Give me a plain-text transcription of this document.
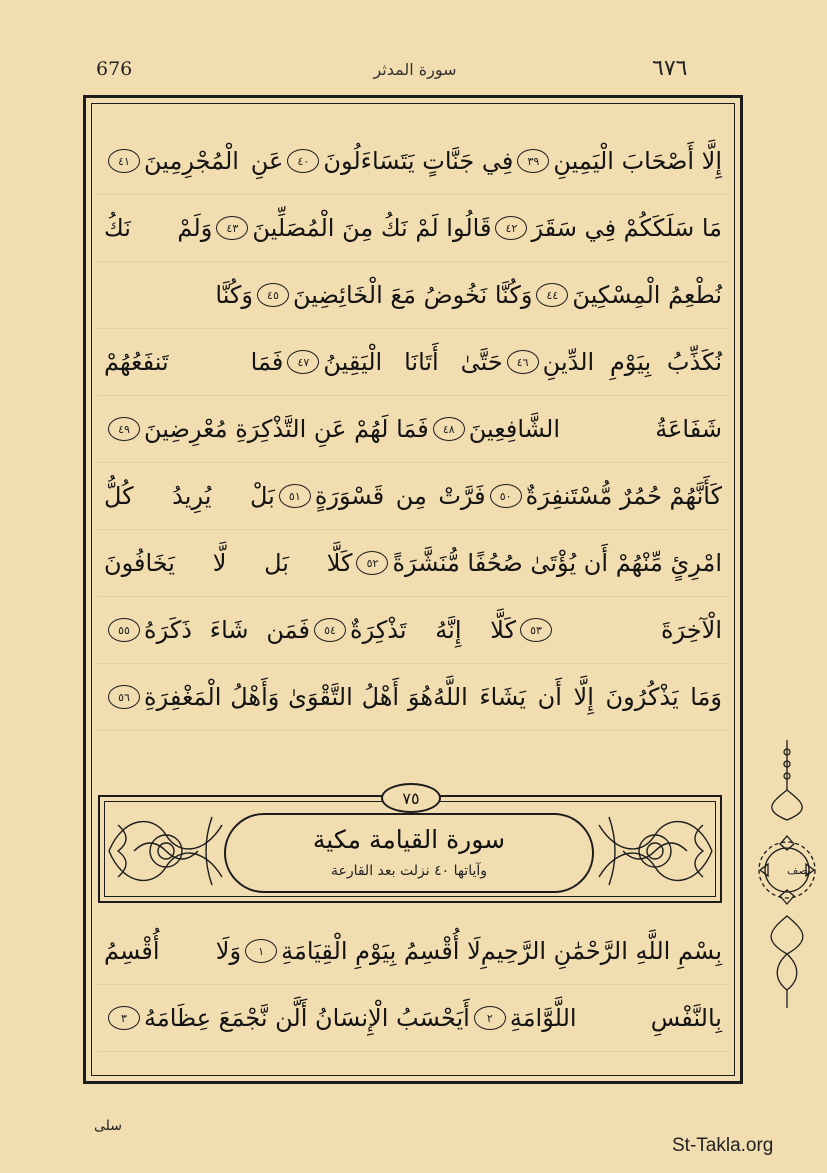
676	سورة المدثر	٦٧٦
إِلَّا أَصْحَابَ الْيَمِينِ
٣٩
فِي جَنَّاتٍ يَتَسَاءَلُونَ
٤٠
عَنِ الْمُجْرِمِينَ
٤١
مَا سَلَكَكُمْ فِي سَقَرَ
٤٢
قَالُوا لَمْ نَكُ مِنَ الْمُصَلِّينَ
٤٣
وَلَمْ نَكُ
نُطْعِمُ الْمِسْكِينَ
٤٤
وَكُنَّا نَخُوضُ مَعَ الْخَائِضِينَ
٤٥
وَكُنَّا
نُكَذِّبُ بِيَوْمِ الدِّينِ
٤٦
حَتَّىٰ أَتَانَا الْيَقِينُ
٤٧
فَمَا تَنفَعُهُمْ
شَفَاعَةُ الشَّافِعِينَ
٤٨
فَمَا لَهُمْ عَنِ التَّذْكِرَةِ مُعْرِضِينَ
٤٩
كَأَنَّهُمْ حُمُرٌ مُّسْتَنفِرَةٌ
٥٠
فَرَّتْ مِن قَسْوَرَةٍ
٥١
بَلْ يُرِيدُ كُلُّ
امْرِئٍ مِّنْهُمْ أَن يُؤْتَىٰ صُحُفًا مُّنَشَّرَةً
٥٢
كَلَّا بَل لَّا يَخَافُونَ
الْآخِرَةَ
٥٣
كَلَّا إِنَّهُ تَذْكِرَةٌ
٥٤
فَمَن شَاءَ ذَكَرَهُ
٥٥
وَمَا يَذْكُرُونَ إِلَّا أَن يَشَاءَ اللَّهُ
هُوَ أَهْلُ التَّقْوَىٰ وَأَهْلُ الْمَغْفِرَةِ
٥٦
٧٥
سورة القيامة مكية
وآياتها ٤٠ نزلت بعد القارعة
بِسْمِ اللَّهِ الرَّحْمَٰنِ الرَّحِيمِ
لَا أُقْسِمُ بِيَوْمِ الْقِيَامَةِ
١
وَلَا أُقْسِمُ
بِالنَّفْسِ اللَّوَّامَةِ
٢
أَيَحْسَبُ الْإِنسَانُ أَلَّن نَّجْمَعَ عِظَامَهُ
٣
نصف
سلى
St-Takla.org
